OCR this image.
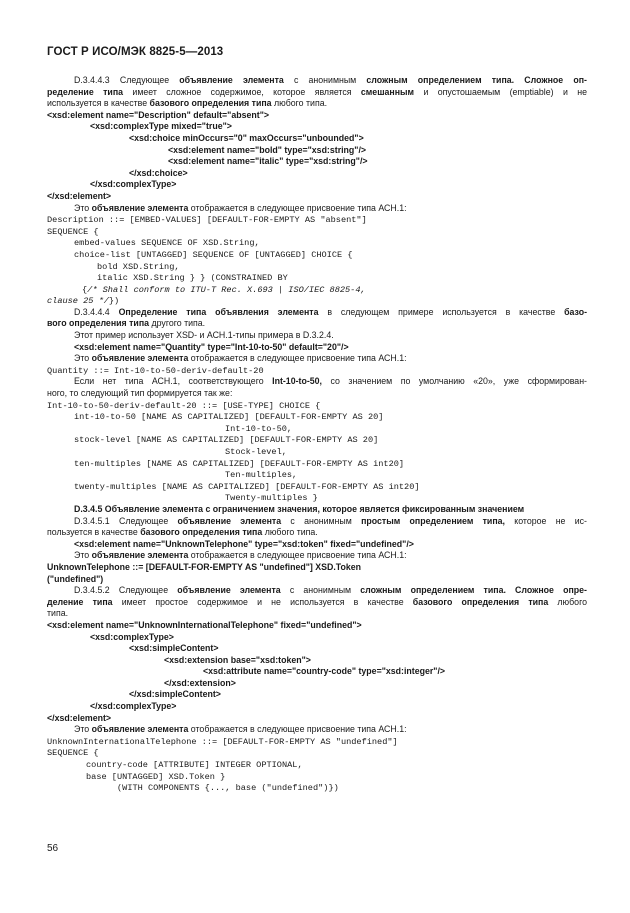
ГОСТ Р ИСО/МЭК 8825-5—2013
D.3.4.4.3 Следующее объявление элемента с анонимным сложным определением типа. Сложное оп-
ределение типа имеет сложное содержимое, которое является смешанным и опустошаемым (emptiable) и не
используется в качестве базового определения типа любого типа.
<xsd:element name="Description" default="absent">
<xsd:complexType mixed="true">
<xsd:choice minOccurs="0" maxOccurs="unbounded">
<xsd:element name="bold" type="xsd:string"/>
<xsd:element name="italic" type="xsd:string"/>
</xsd:choice>
</xsd:complexType>
</xsd:element>
Это объявление элемента отображается в следующее присвоение типа АСН.1:
Description ::= [EMBED-VALUES] [DEFAULT-FOR-EMPTY AS "absent"]
SEQUENCE {
embed-values SEQUENCE OF XSD.String,
choice-list [UNTAGGED] SEQUENCE OF [UNTAGGED] CHOICE {
bold XSD.String,
italic XSD.String } } (CONSTRAINED BY
{/* Shall conform to ITU-T Rec. X.693 | ISO/IEC 8825-4,
clause 25 */})
D.3.4.4.4 Определение типа объявления элемента в следующем примере используется в качестве базо-
вого определения типа другого типа.
Этот пример использует XSD- и АСН.1-типы примера в D.3.2.4.
<xsd:element name="Quantity" type="Int-10-to-50" default="20"/>
Это объявление элемента отображается в следующее присвоение типа АСН.1:
Quantity ::= Int-10-to-50-deriv-default-20
Если нет типа АСН.1, соответствующего Int-10-to-50, со значением по умолчанию «20», уже сформирован-
ного, то следующий тип формируется так же:
Int-10-to-50-deriv-default-20 ::= [USE-TYPE] CHOICE {
int-10-to-50 [NAME AS CAPITALIZED] [DEFAULT-FOR-EMPTY AS 20]
Int-10-to-50,
stock-level [NAME AS CAPITALIZED] [DEFAULT-FOR-EMPTY AS 20]
Stock-level,
ten-multiples [NAME AS CAPITALIZED] [DEFAULT-FOR-EMPTY AS int20]
Ten-multiples,
twenty-multiples [NAME AS CAPITALIZED] [DEFAULT-FOR-EMPTY AS int20]
Twenty-multiples }
D.3.4.5 Объявление элемента с ограничением значения, которое является фиксированным значением
D.3.4.5.1 Следующее объявление элемента с анонимным простым определением типа, которое не ис-
пользуется в качестве базового определения типа любого типа.
<xsd:element name="UnknownTelephone" type="xsd:token" fixed="undefined"/>
Это объявление элемента отображается в следующее присвоение типа АСН.1:
UnknownTelephone ::= [DEFAULT-FOR-EMPTY AS "undefined"] XSD.Token
("undefined")
D.3.4.5.2 Следующее объявление элемента с анонимным сложным определением типа. Сложное опре-
деление типа имеет простое содержимое и не используется в качестве базового определения типа любого
типа.
<xsd:element name="UnknownInternationalTelephone" fixed="undefined">
<xsd:complexType>
<xsd:simpleContent>
<xsd:extension base="xsd:token">
<xsd:attribute name="country-code" type="xsd:integer"/>
</xsd:extension>
</xsd:simpleContent>
</xsd:complexType>
</xsd:element>
Это объявление элемента отображается в следующее присвоение типа АСН.1:
UnknownInternationalTelephone ::= [DEFAULT-FOR-EMPTY AS "undefined"]
SEQUENCE {
country-code [ATTRIBUTE] INTEGER OPTIONAL,
base [UNTAGGED] XSD.Token }
(WITH COMPONENTS {..., base ("undefined")})
56
